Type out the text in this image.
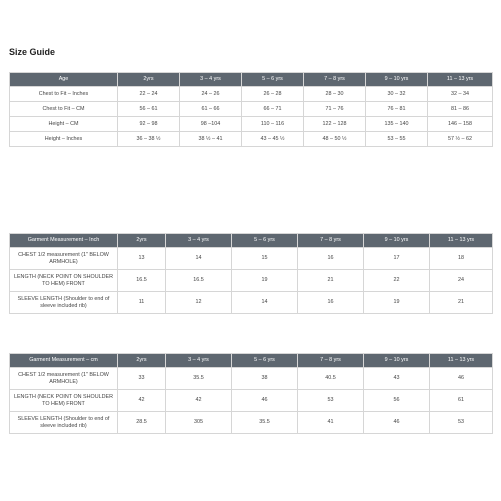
Size Guide
Age	2yrs	3 – 4 yrs	5 – 6 yrs	7 – 8 yrs	9 – 10 yrs	11 – 13 yrs
Chest to Fit – Inches	22 – 24	24 – 26	26 – 28	28 – 30	30 – 32	32 – 34
Chest to Fit – CM	56 – 61	61 – 66	66 – 71	71 – 76	76 – 81	81 – 86
Height – CM	92 – 98	98 –104	110 – 116	122 – 128	135 – 140	146 – 158
Height – Inches	36 – 38 ½	38 ½ – 41	43 – 45 ½	48 – 50 ½	53 – 55	57 ½ – 62
Garment Measurement – Inch	2yrs	3 – 4 yrs	5 – 6 yrs	7 – 8 yrs	9 – 10 yrs	11 – 13 yrs
CHEST 1/2 measurement (1" BELOW ARMHOLE)	13	14	15	16	17	18
LENGTH (NECK POINT ON SHOULDER TO HEM) FRONT	16.5	16.5	19	21	22	24
SLEEVE LENGTH (Shoulder to end of sleeve included rib)	11	12	14	16	19	21
Garment Measurement – cm	2yrs	3 – 4 yrs	5 – 6 yrs	7 – 8 yrs	9 – 10 yrs	11 – 13 yrs
CHEST 1/2 measurement (1" BELOW ARMHOLE)	33	35.5	38	40.5	43	46
LENGTH (NECK POINT ON SHOULDER TO HEM) FRONT	42	42	46	53	56	61
SLEEVE LENGTH (Shoulder to end of sleeve included rib)	28.5	305	35.5	41	46	53
